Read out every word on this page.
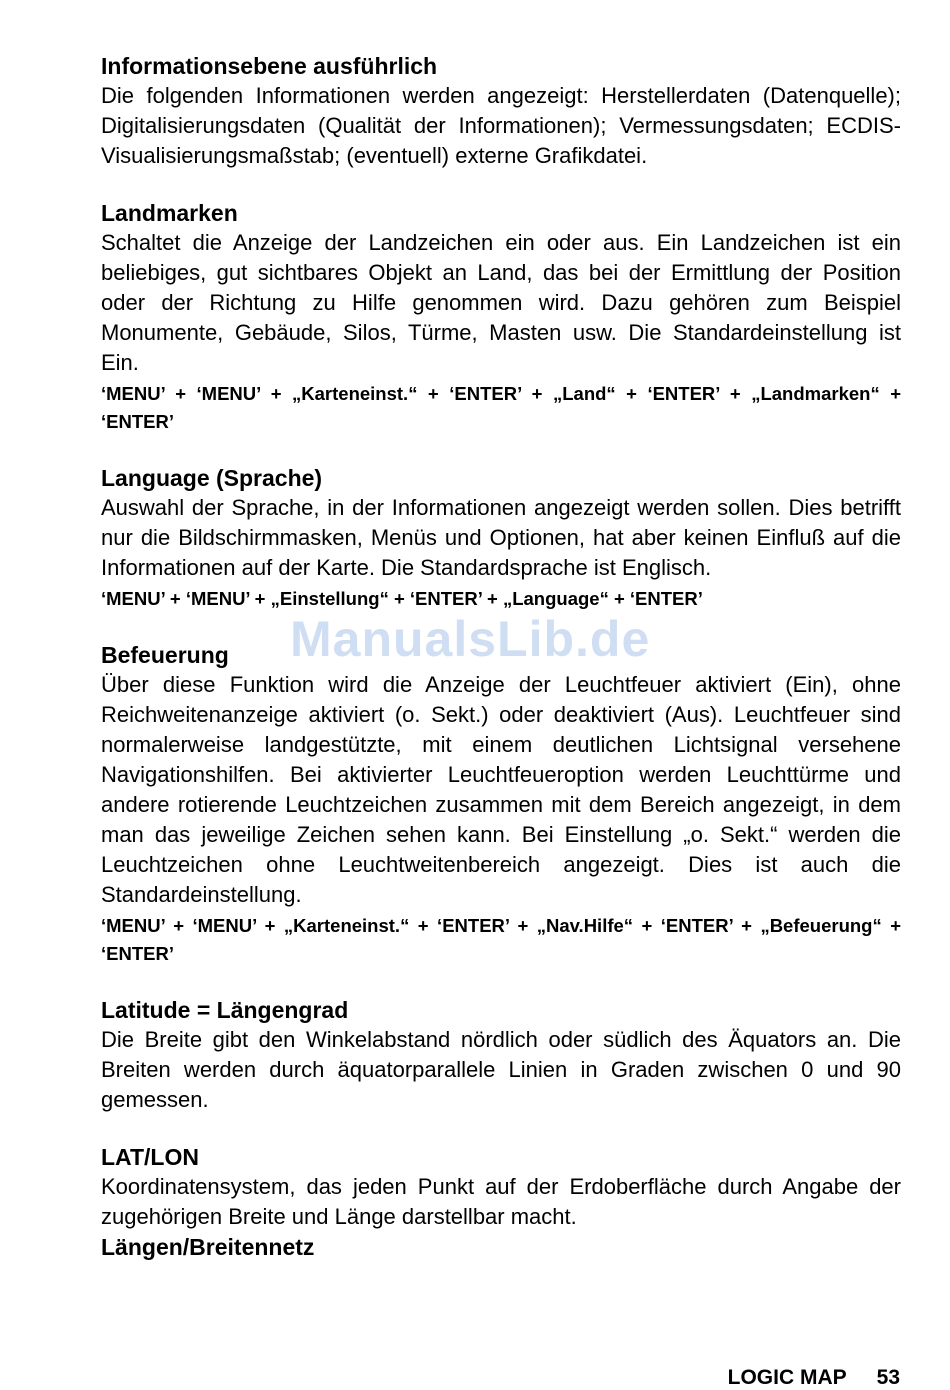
Informationsebene ausführlich

Die folgenden Informationen werden angezeigt: Herstellerdaten (Datenquelle); Digitalisierungsdaten (Qualität der Informationen); Vermessungsdaten; ECDIS-Visualisierungsmaßstab; (eventuell) externe Grafikdatei.

Landmarken

Schaltet die Anzeige der Landzeichen ein oder aus. Ein Landzeichen ist ein beliebiges, gut sichtbares Objekt an Land, das bei der Ermittlung der Position oder der Richtung zu Hilfe genommen wird. Dazu gehören zum Beispiel Monumente, Gebäude, Silos, Türme, Masten usw. Die Standardeinstellung ist Ein.

‘MENU’ + ‘MENU’ + „Karteneinst.“ + ‘ENTER’ + „Land“ + ‘ENTER’ + „Landmarken“ + ‘ENTER’

Language (Sprache)

Auswahl der Sprache, in der Informationen angezeigt werden sollen. Dies betrifft nur die Bildschirmmasken, Menüs und Optionen, hat aber keinen Einfluß auf die Informationen auf der Karte. Die Standardsprache ist Englisch.

‘MENU’ + ‘MENU’ + „Einstellung“ + ‘ENTER’ + „Language“ + ‘ENTER’

Befeuerung

Über diese Funktion wird die Anzeige der Leuchtfeuer aktiviert (Ein), ohne Reichweitenanzeige aktiviert (o. Sekt.) oder deaktiviert (Aus). Leuchtfeuer sind normalerweise landgestützte, mit einem deutlichen Lichtsignal versehene Navigationshilfen. Bei aktivierter Leuchtfeueroption werden Leuchttürme und andere rotierende Leuchtzeichen zusammen mit dem Bereich angezeigt, in dem man das jeweilige Zeichen sehen kann. Bei Einstellung „o. Sekt.“ werden die Leuchtzeichen ohne Leuchtweitenbereich angezeigt. Dies ist auch die Standardeinstellung.

‘MENU’ + ‘MENU’ + „Karteneinst.“ + ‘ENTER’ + „Nav.Hilfe“ + ‘ENTER’ + „Befeuerung“ + ‘ENTER’

Latitude = Längengrad

Die Breite gibt den Winkelabstand nördlich oder südlich des Äquators an. Die Breiten werden durch äquatorparallele Linien in Graden zwischen 0 und 90 gemessen.

LAT/LON

Koordinatensystem, das jeden Punkt auf der Erdoberfläche durch Angabe der zugehörigen Breite und Länge darstellbar macht.

Längen/Breitennetz

ManualsLib.de
LOGIC MAP 53
